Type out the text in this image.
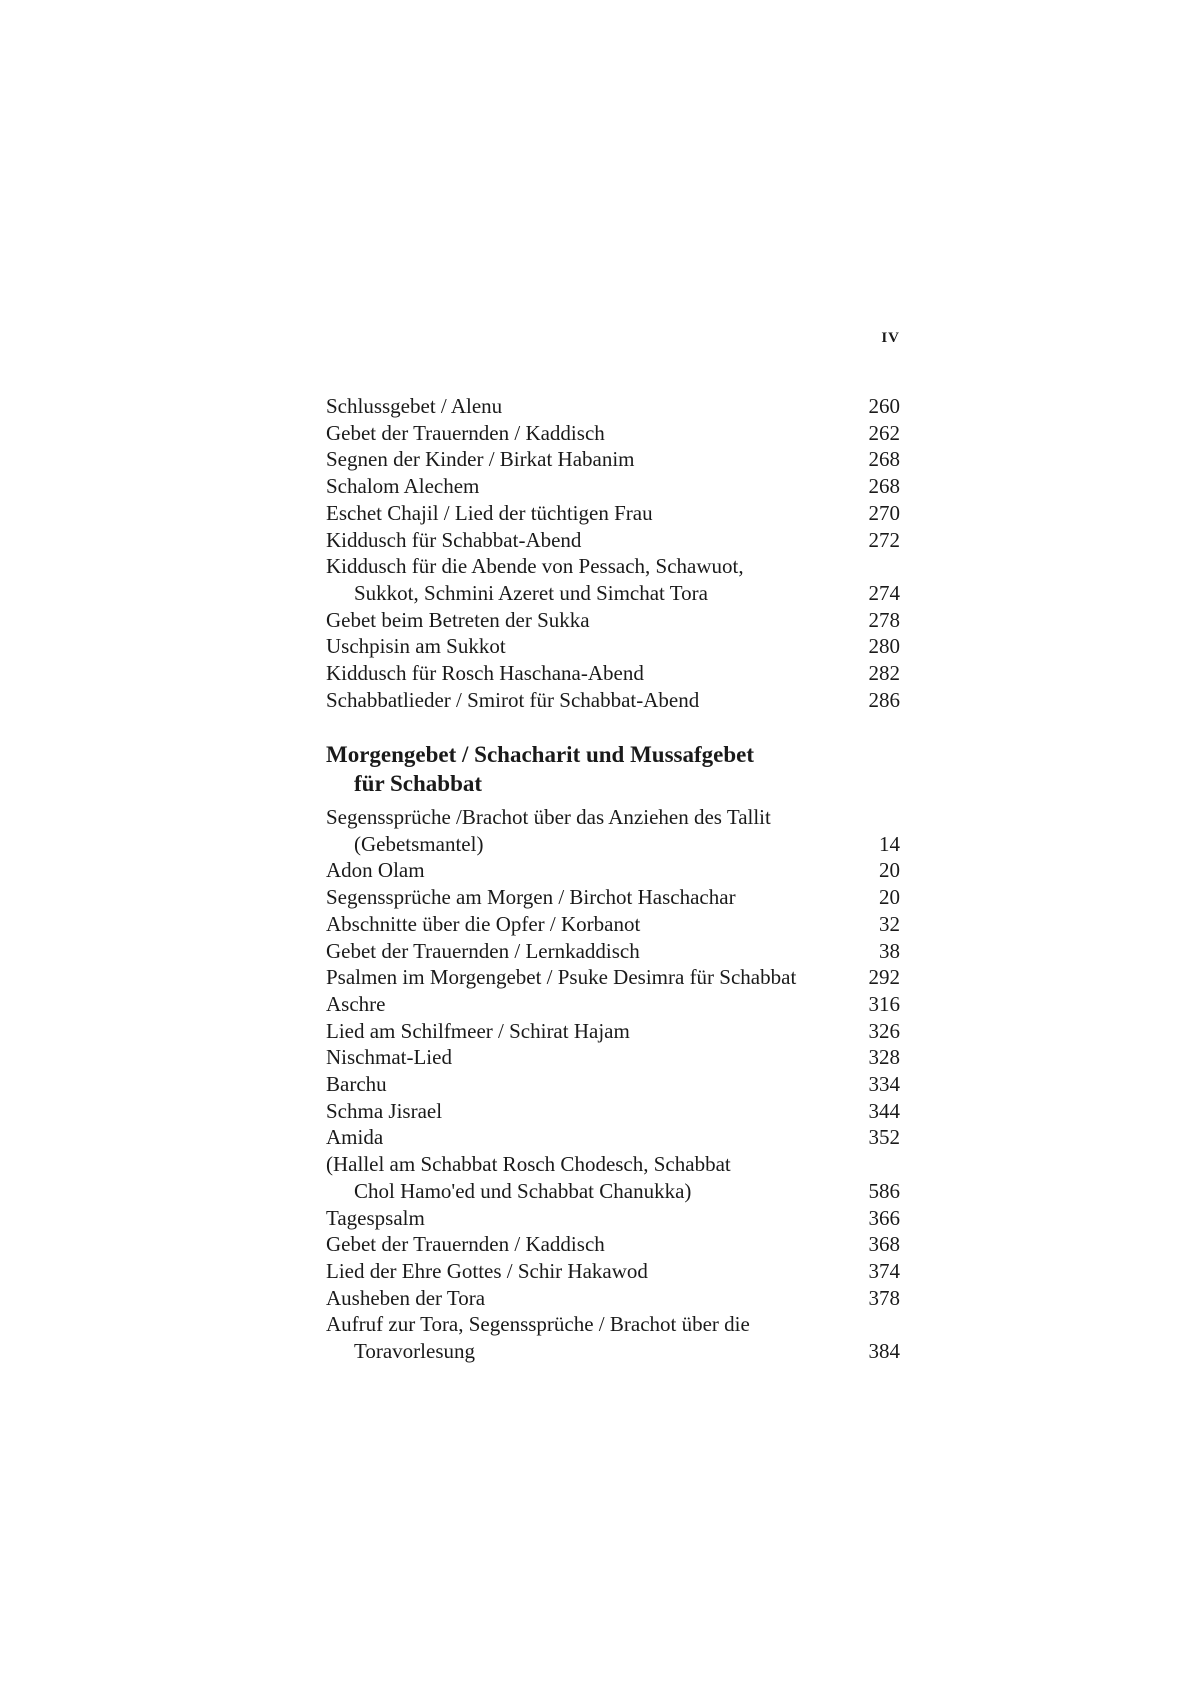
IV
Schlussgebet / Alenu	260
Gebet der Trauernden / Kaddisch	262
Segnen der Kinder / Birkat Habanim	268
Schalom Alechem	268
Eschet Chajil / Lied der tüchtigen Frau	270
Kiddusch für Schabbat-Abend	272
Kiddusch für die Abende von Pessach, Schawuot,
Sukkot, Schmini Azeret und Simchat Tora	274
Gebet beim Betreten der Sukka	278
Uschpisin am Sukkot	280
Kiddusch für Rosch Haschana-Abend	282
Schabbatlieder / Smirot für Schabbat-Abend	286
Morgengebet / Schacharit und Mussafgebet
für Schabbat
Segenssprüche /Brachot über das Anziehen des Tallit
(Gebetsmantel)	14
Adon Olam	20
Segenssprüche am Morgen / Birchot Haschachar	20
Abschnitte über die Opfer / Korbanot	32
Gebet der Trauernden / Lernkaddisch	38
Psalmen im Morgengebet / Psuke Desimra für Schabbat	292
Aschre	316
Lied am Schilfmeer / Schirat Hajam	326
Nischmat-Lied	328
Barchu	334
Schma Jisrael	344
Amida	352
(Hallel am Schabbat Rosch Chodesch, Schabbat
Chol Hamo'ed und Schabbat Chanukka)	586
Tagespsalm	366
Gebet der Trauernden / Kaddisch	368
Lied der Ehre Gottes / Schir Hakawod	374
Ausheben der Tora	378
Aufruf zur Tora, Segenssprüche / Brachot über die
Toravorlesung	384
